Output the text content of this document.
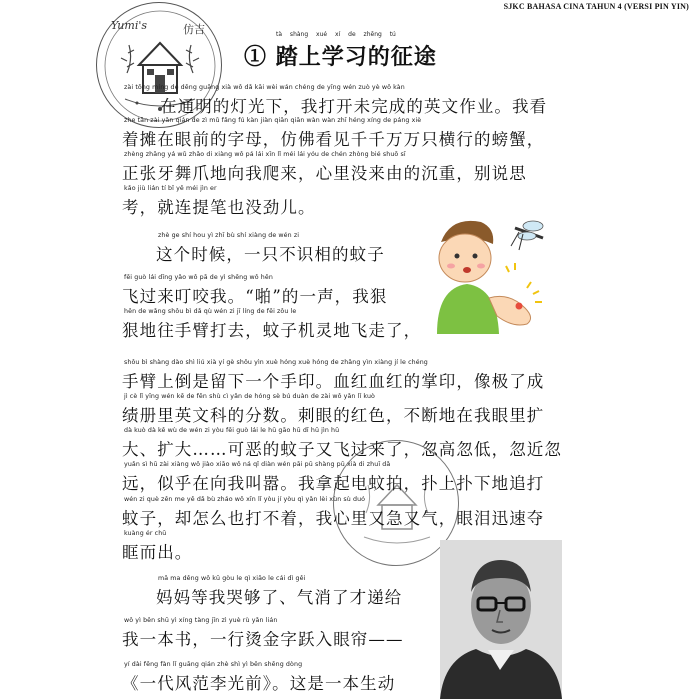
SJKC BAHASA CINA TAHUN 4 (VERSI PIN YIN)
Yumi's	仿吉	tà shàng xué xí de zhēng tú
① 踏上学习的征途
zài tōng míng de dēng guāng xià wǒ dǎ kāi wèi wán chéng de yīng wén zuò yè wǒ kàn
在通明的灯光下，我打开未完成的英文作业。我看
zhe tān zài yǎn qián de zì mǔ fǎng fú kàn jiàn qiān qiān wàn wàn zhī héng xíng de páng xiè
着摊在眼前的字母，仿佛看见千千万万只横行的螃蟹，
zhèng zhāng yá wǔ zhǎo di xiàng wǒ pá lái xīn lǐ méi lái yóu de chén zhòng bié shuō sī
正张牙舞爪地向我爬来，心里没来由的沉重，别说思
kǎo jiù lián tí bǐ yě méi jìn er
考，就连提笔也没劲儿。
zhè ge shí hou yì zhī bù shí xiàng de wén zi
这个时候，一只不识相的蚊子
fēi guò lái dīng yǎo wǒ pā de yì shēng wǒ hěn
飞过来叮咬我。“啪”的一声，我狠
hěn de wǎng shǒu bì dǎ qù wén zi jī líng de fēi zǒu le
狠地往手臂打去，蚊子机灵地飞走了，
shǒu bì shàng dào shì liú xià yí gè shǒu yìn xuè hóng xuè hóng de zhǎng yìn xiàng jí le chéng
手臂上倒是留下一个手印。血红血红的掌印，像极了成
jì cè lǐ yīng wén kē de fēn shù cì yǎn de hóng sè bú duàn de zài wǒ yǎn lǐ kuò
绩册里英文科的分数。刺眼的红色，不断地在我眼里扩
dà kuò dà kě wù de wén zi yòu fēi guò lái le hū gāo hū dī hū jìn hū
大、扩大……可恶的蚊子又飞过来了，忽高忽低，忽近忽
yuǎn sì hū zài xiàng wǒ jiào xiāo wǒ ná qǐ diàn wén pāi pū shàng pū xià di zhuī dǎ
远，似乎在向我叫嚣。我拿起电蚊拍，扑上扑下地追打
wén zi què zěn me yě dǎ bù zháo wǒ xīn lǐ yòu jí yòu qì yǎn lèi xùn sù duó
蚊子，却怎么也打不着，我心里又急又气，眼泪迅速夺
kuàng ér chū
眶而出。
mā ma děng wǒ kū gòu le qì xiāo le cái dì gěi
妈妈等我哭够了、气消了才递给
wǒ yì běn shū yì xíng tàng jīn zì yuè rù yǎn lián
我一本书，一行烫金字跃入眼帘——
yí dài fēng fàn lǐ guāng qián zhè shì yì běn shēng dòng
《一代风范李光前》。这是一本生动
